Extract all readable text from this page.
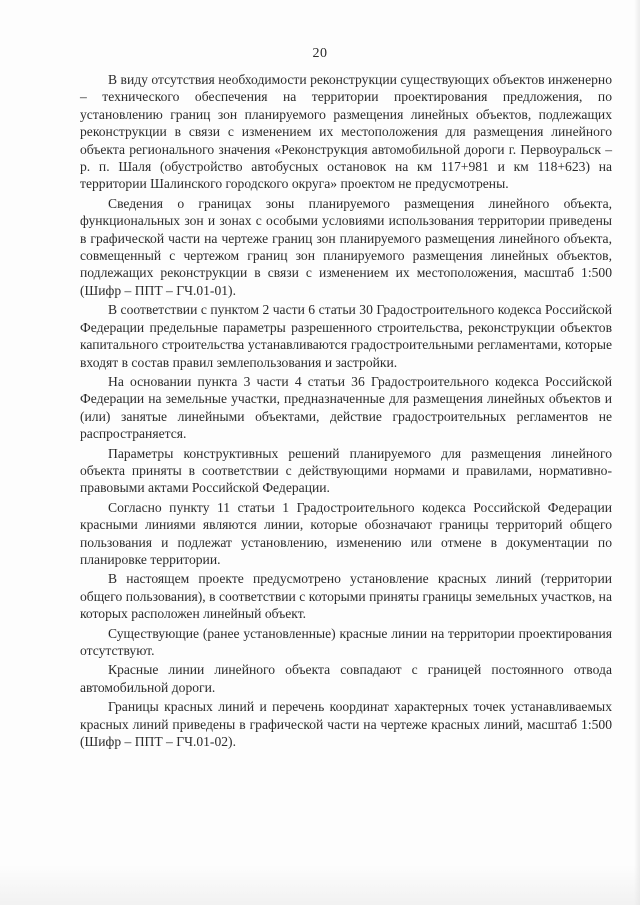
20

В виду отсутствия необходимости реконструкции существующих объектов инженерно – технического обеспечения на территории проектирования предложения, по установлению границ зон планируемого размещения линейных объектов, подлежащих реконструкции в связи с изменением их местоположения для размещения линейного объекта регионального значения «Реконструкция автомобильной дороги г. Первоуральск – р. п. Шаля (обустройство автобусных остановок на км 117+981 и км 118+623) на территории Шалинского городского округа» проектом не предусмотрены.

Сведения о границах зоны планируемого размещения линейного объекта, функциональных зон и зонах с особыми условиями использования территории приведены в графической части на чертеже границ зон планируемого размещения линейного объекта, совмещенный с чертежом границ зон планируемого размещения линейных объектов, подлежащих реконструкции в связи с изменением их местоположения, масштаб 1:500 (Шифр – ППТ – ГЧ.01-01).

В соответствии с пунктом 2 части 6 статьи 30 Градостроительного кодекса Российской Федерации предельные параметры разрешенного строительства, реконструкции объектов капитального строительства устанавливаются градостроительными регламентами, которые входят в состав правил землепользования и застройки.

На основании пункта 3 части 4 статьи 36 Градостроительного кодекса Российской Федерации на земельные участки, предназначенные для размещения линейных объектов и (или) занятые линейными объектами, действие градостроительных регламентов не распространяется.

Параметры конструктивных решений планируемого для размещения линейного объекта приняты в соответствии с действующими нормами и правилами, нормативно-правовыми актами Российской Федерации.

Согласно пункту 11 статьи 1 Градостроительного кодекса Российской Федерации красными линиями являются линии, которые обозначают границы территорий общего пользования и подлежат установлению, изменению или отмене в документации по планировке территории.

В настоящем проекте предусмотрено установление красных линий (территории общего пользования), в соответствии с которыми приняты границы земельных участков, на которых расположен линейный объект.

Существующие (ранее установленные) красные линии на территории проектирования отсутствуют.

Красные линии линейного объекта совпадают с границей постоянного отвода автомобильной дороги.

Границы красных линий и перечень координат характерных точек устанавливаемых красных линий приведены в графической части на чертеже красных линий, масштаб 1:500 (Шифр – ППТ – ГЧ.01-02).
